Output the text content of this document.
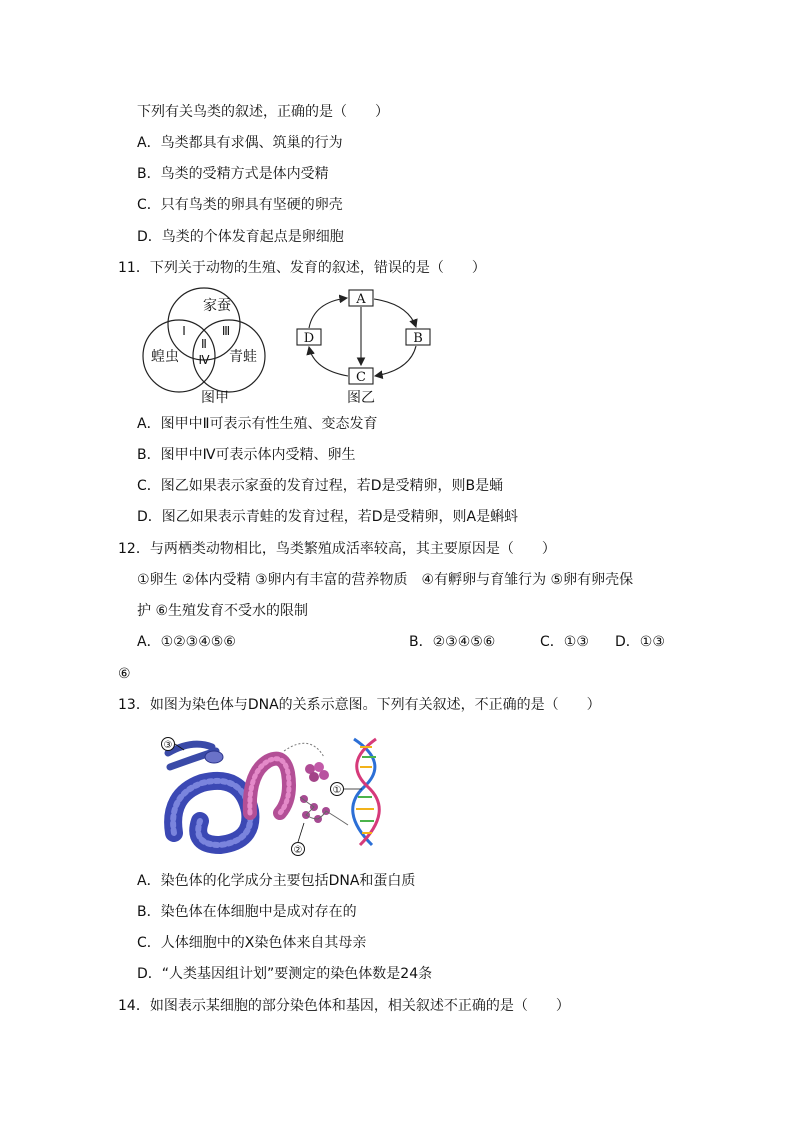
下列有关鸟类的叙述，正确的是（　　）
A．鸟类都具有求偶、筑巢的行为
B．鸟类的受精方式是体内受精
C．只有鸟类的卵具有坚硬的卵壳
D．鸟类的个体发育起点是卵细胞
11．下列关于动物的生殖、发育的叙述，错误的是（　　）
家蚕
蝗虫	青蛙
Ⅰ	Ⅲ
Ⅱ
Ⅳ
图甲
A
B
C
D
图乙
A．图甲中Ⅱ可表示有性生殖、变态发育
B．图甲中Ⅳ可表示体内受精、卵生
C．图乙如果表示家蚕的发育过程，若D是受精卵，则B是蛹
D．图乙如果表示青蛙的发育过程，若D是受精卵，则A是蝌蚪
12．与两栖类动物相比，鸟类繁殖成活率较高，其主要原因是（　　）
①卵生 ②体内受精 ③卵内有丰富的营养物质　④有孵卵与育雏行为 ⑤卵有卵壳保
护 ⑥生殖发育不受水的限制
A．①②③④⑤⑥	B．②③④⑤⑥	C．①③ D．①③
⑥
13．如图为染色体与DNA的关系示意图。下列有关叙述，不正确的是（　　）
③
①
②
A．染色体的化学成分主要包括DNA和蛋白质
B．染色体在体细胞中是成对存在的
C．人体细胞中的X染色体来自其母亲
D．“人类基因组计划”要测定的染色体数是24条
14．如图表示某细胞的部分染色体和基因，相关叙述不正确的是（　　）
